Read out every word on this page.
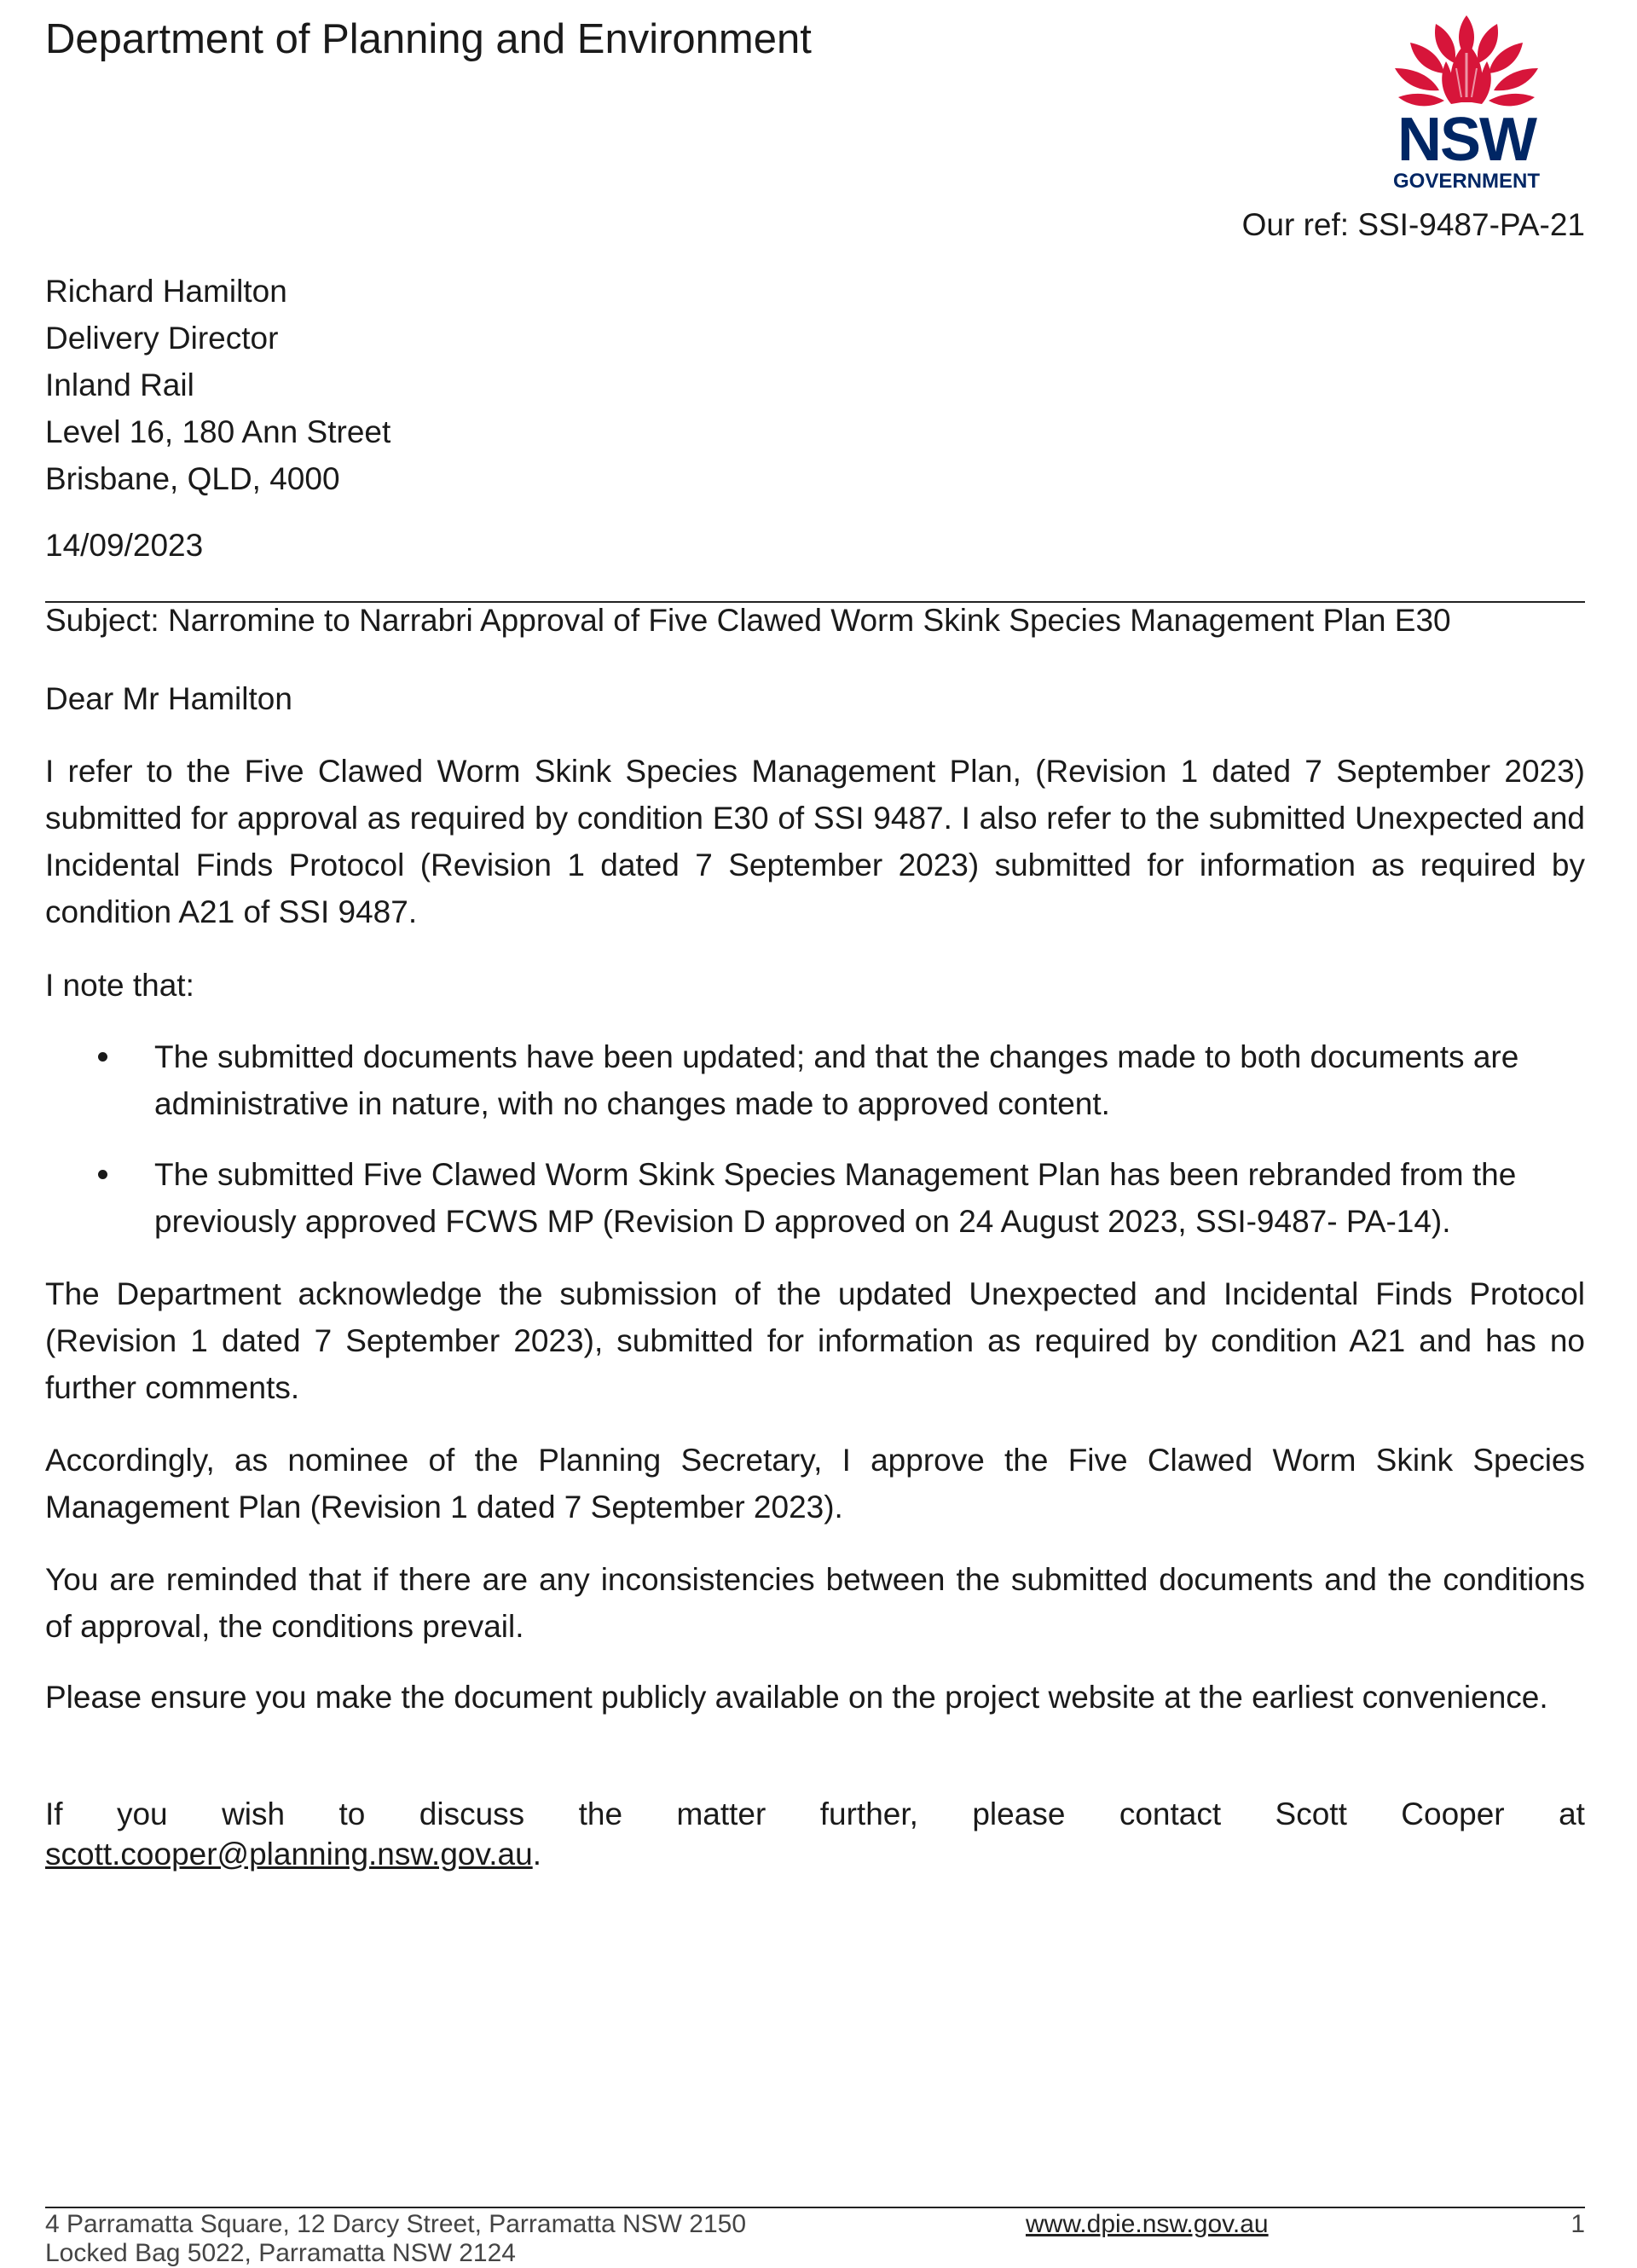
Department of Planning and Environment
NSW
GOVERNMENT
Our ref: SSI-9487-PA-21
Richard Hamilton
Delivery Director
Inland Rail
Level 16, 180 Ann Street
Brisbane, QLD, 4000
14/09/2023
Subject: Narromine to Narrabri Approval of Five Clawed Worm Skink Species Management Plan E30
Dear Mr Hamilton
I refer to the Five Clawed Worm Skink Species Management Plan, (Revision 1 dated 7 September 2023) submitted for approval as required by condition E30 of SSI 9487. I also refer to the submitted Unexpected and Incidental Finds Protocol (Revision 1 dated 7 September 2023) submitted for information as required by condition A21 of SSI 9487.
I note that:
The submitted documents have been updated; and that the changes made to both documents are administrative in nature, with no changes made to approved content.
The submitted Five Clawed Worm Skink Species Management Plan has been rebranded from the previously approved FCWS MP (Revision D approved on 24 August 2023, SSI-9487- PA-14).
The Department acknowledge the submission of the updated Unexpected and Incidental Finds Protocol (Revision 1 dated 7 September 2023), submitted for information as required by condition A21 and has no further comments.
Accordingly, as nominee of the Planning Secretary, I approve the Five Clawed Worm Skink Species Management Plan (Revision 1 dated 7 September 2023).
You are reminded that if there are any inconsistencies between the submitted documents and the conditions of approval, the conditions prevail.
Please ensure you make the document publicly available on the project website at the earliest convenience.
If you wish to discuss the matter further, please contact Scott Cooper at
scott.cooper@planning.nsw.gov.au.
4 Parramatta Square, 12 Darcy Street, Parramatta NSW 2150	www.dpie.nsw.gov.au	1
Locked Bag 5022, Parramatta NSW 2124
